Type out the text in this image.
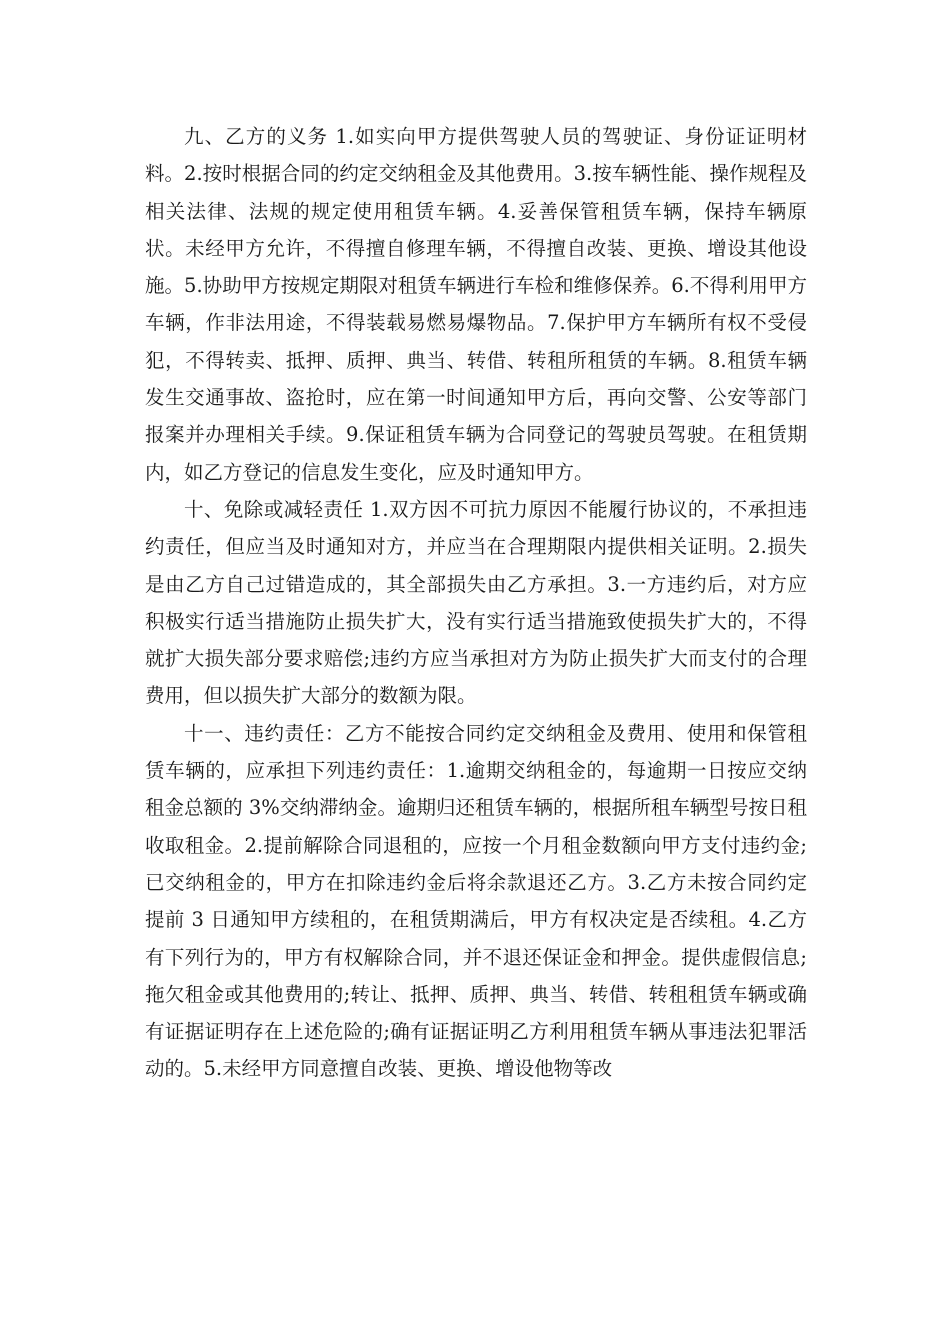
九、乙方的义务 1.如实向甲方提供驾驶人员的驾驶证、身份证证明材料。2.按时根据合同的约定交纳租金及其他费用。3.按车辆性能、操作规程及相关法律、法规的规定使用租赁车辆。4.妥善保管租赁车辆，保持车辆原状。未经甲方允许，不得擅自修理车辆，不得擅自改装、更换、增设其他设施。5.协助甲方按规定期限对租赁车辆进行车检和维修保养。6.不得利用甲方车辆，作非法用途，不得装载易燃易爆物品。7.保护甲方车辆所有权不受侵犯，不得转卖、抵押、质押、典当、转借、转租所租赁的车辆。8.租赁车辆发生交通事故、盗抢时，应在第一时间通知甲方后，再向交警、公安等部门报案并办理相关手续。9.保证租赁车辆为合同登记的驾驶员驾驶。在租赁期内，如乙方登记的信息发生变化，应及时通知甲方。

十、免除或减轻责任 1.双方因不可抗力原因不能履行协议的，不承担违约责任，但应当及时通知对方，并应当在合理期限内提供相关证明。2.损失是由乙方自己过错造成的，其全部损失由乙方承担。3.一方违约后，对方应积极实行适当措施防止损失扩大，没有实行适当措施致使损失扩大的，不得就扩大损失部分要求赔偿;违约方应当承担对方为防止损失扩大而支付的合理费用，但以损失扩大部分的数额为限。

十一、违约责任：乙方不能按合同约定交纳租金及费用、使用和保管租赁车辆的，应承担下列违约责任：1.逾期交纳租金的，每逾期一日按应交纳租金总额的 3%交纳滞纳金。逾期归还租赁车辆的，根据所租车辆型号按日租收取租金。2.提前解除合同退租的，应按一个月租金数额向甲方支付违约金;已交纳租金的，甲方在扣除违约金后将余款退还乙方。3.乙方未按合同约定提前 3 日通知甲方续租的，在租赁期满后，甲方有权决定是否续租。4.乙方有下列行为的，甲方有权解除合同，并不退还保证金和押金。提供虚假信息;拖欠租金或其他费用的;转让、抵押、质押、典当、转借、转租租赁车辆或确有证据证明存在上述危险的;确有证据证明乙方利用租赁车辆从事违法犯罪活动的。5.未经甲方同意擅自改装、更换、增设他物等改
